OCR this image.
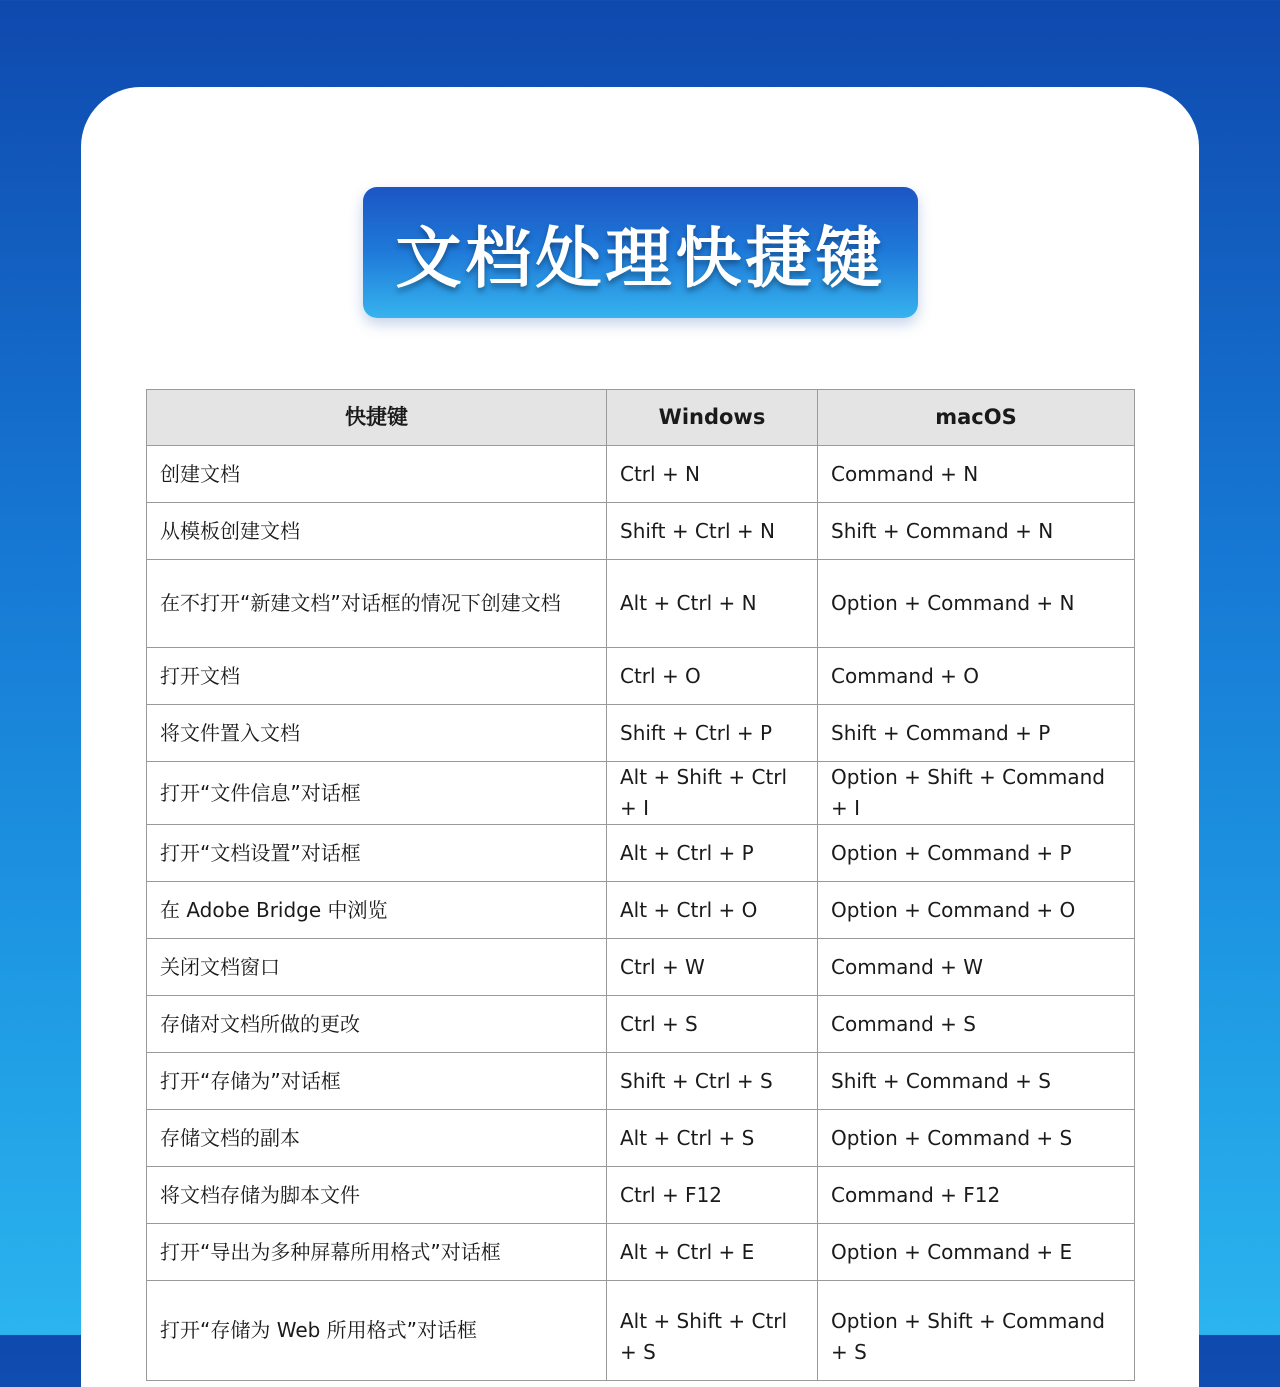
文档处理快捷键
快捷键	Windows	macOS
创建文档	Ctrl + N	Command + N
从模板创建文档	Shift + Ctrl + N	Shift + Command + N
在不打开“新建文档”对话框的情况下创建文档	Alt + Ctrl + N	Option + Command + N
打开文档	Ctrl + O	Command + O
将文件置入文档	Shift + Ctrl + P	Shift + Command + P
打开“文件信息”对话框	Alt + Shift + Ctrl + I	Option + Shift + Command + I
打开“文档设置”对话框	Alt + Ctrl + P	Option + Command + P
在 Adobe Bridge 中浏览	Alt + Ctrl + O	Option + Command + O
关闭文档窗口	Ctrl + W	Command + W
存储对文档所做的更改	Ctrl + S	Command + S
打开“存储为”对话框	Shift + Ctrl + S	Shift + Command + S
存储文档的副本	Alt + Ctrl + S	Option + Command + S
将文档存储为脚本文件	Ctrl + F12	Command + F12
打开“导出为多种屏幕所用格式”对话框	Alt + Ctrl + E	Option + Command + E
打开“存储为 Web 所用格式”对话框	Alt + Shift + Ctrl + S	Option + Shift + Command + S
